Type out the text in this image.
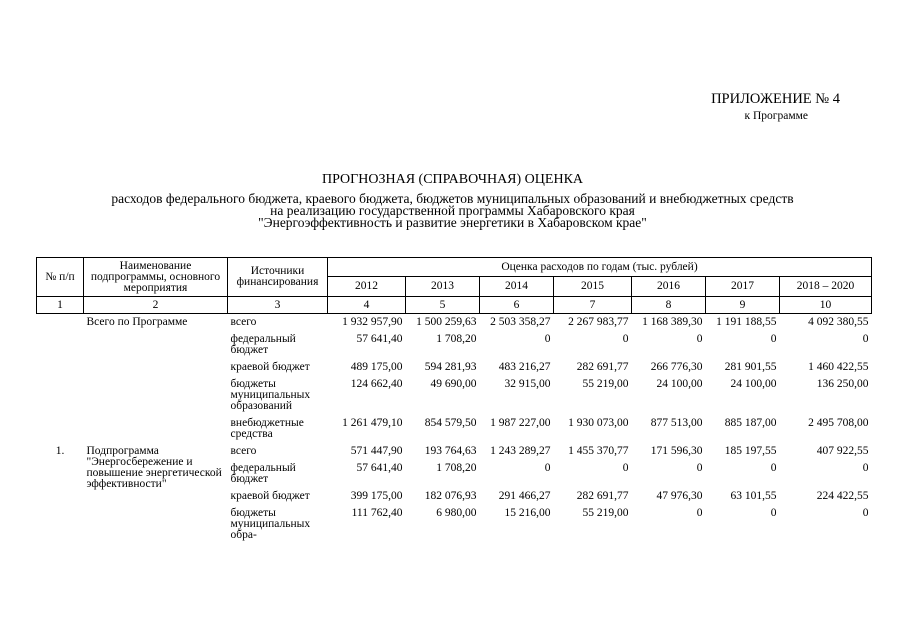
ПРИЛОЖЕНИЕ № 4
к Программе
ПРОГНОЗНАЯ (СПРАВОЧНАЯ) ОЦЕНКА
расходов федерального бюджета, краевого бюджета, бюджетов муниципальных образований и внебюджетных средств
на реализацию государственной программы Хабаровского края
"Энергоэффективность и развитие энергетики в Хабаровском крае"
№ п/п	Наименование подпрограммы, основного мероприятия	Источники финансирования	Оценка расходов по годам (тыс. рублей)						
			2012	2013	2014	2015	2016	2017	2018 – 2020
1	2	3	4	5	6	7	8	9	10
	Всего по Программе	всего	1 932 957,90	1 500 259,63	2 503 358,27	2 267 983,77	1 168 389,30	1 191 188,55	4 092 380,55
		федеральный бюджет	57 641,40	1 708,20	0	0	0	0	0
		краевой бюджет	489 175,00	594 281,93	483 216,27	282 691,77	266 776,30	281 901,55	1 460 422,55
		бюджеты муниципальных образований	124 662,40	49 690,00	32 915,00	55 219,00	24 100,00	24 100,00	136 250,00
		внебюджетные средства	1 261 479,10	854 579,50	1 987 227,00	1 930 073,00	877 513,00	885 187,00	2 495 708,00
1.	Подпрограмма "Энергосбережение и повышение энергетической эффективности"	всего	571 447,90	193 764,63	1 243 289,27	1 455 370,77	171 596,30	185 197,55	407 922,55
		федеральный бюджет	57 641,40	1 708,20	0	0	0	0	0
		краевой бюджет	399 175,00	182 076,93	291 466,27	282 691,77	47 976,30	63 101,55	224 422,55
		бюджеты муниципальных обра-	111 762,40	6 980,00	15 216,00	55 219,00	0	0	0
